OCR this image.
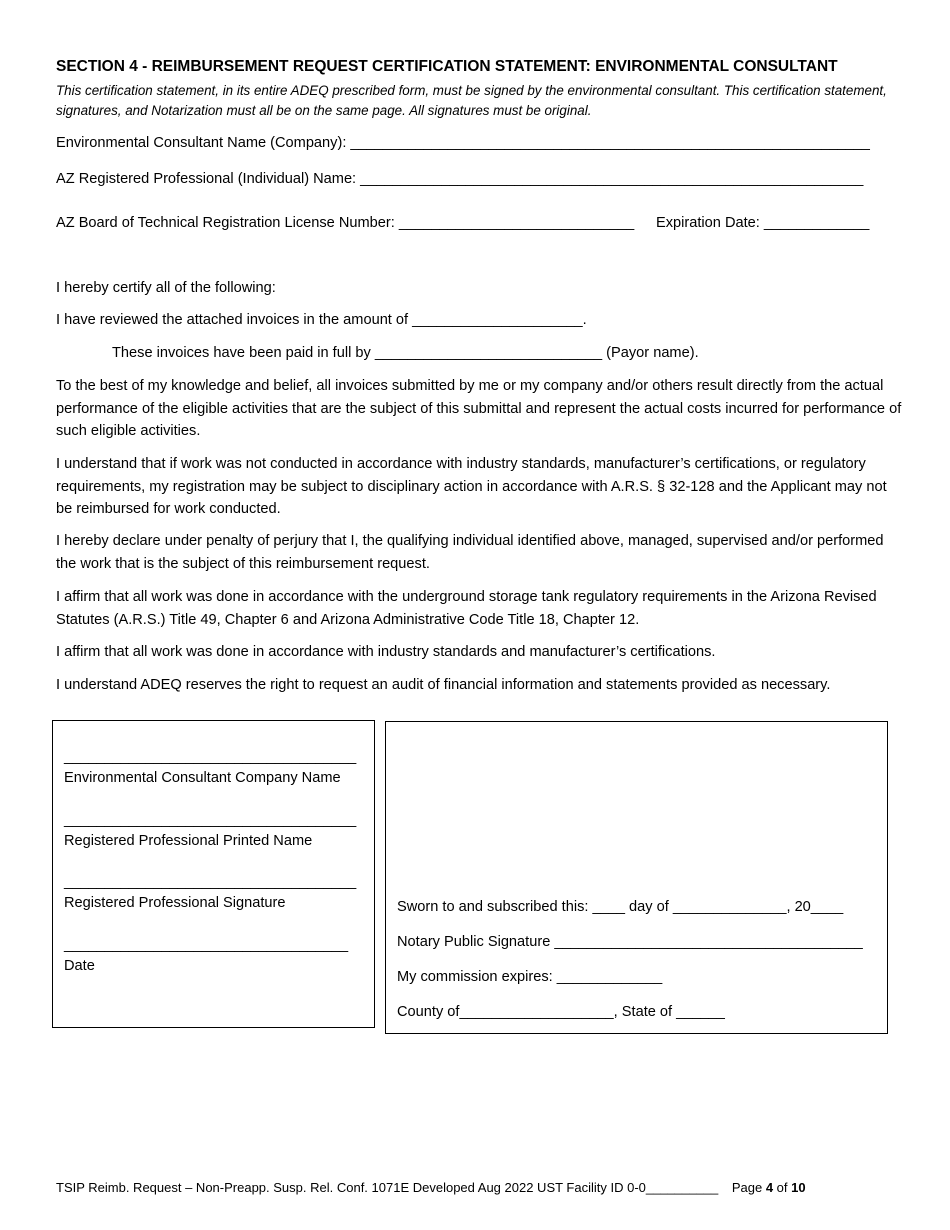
SECTION 4 - REIMBURSEMENT REQUEST CERTIFICATION STATEMENT: ENVIRONMENTAL CONSULTANT
This certification statement, in its entire ADEQ prescribed form, must be signed by the environmental consultant. This certification statement, signatures, and Notarization must all be on the same page. All signatures must be original.
Environmental Consultant Name (Company): ________________________________________________________________
AZ Registered Professional (Individual) Name: ______________________________________________________________
AZ Board of Technical Registration License Number: _____________________________ Expiration Date: _____________
I hereby certify all of the following:
I have reviewed the attached invoices in the amount of _____________________.
These invoices have been paid in full by ____________________________ (Payor name).
To the best of my knowledge and belief, all invoices submitted by me or my company and/or others result directly from the actual performance of the eligible activities that are the subject of this submittal and represent the actual costs incurred for performance of such eligible activities.
I understand that if work was not conducted in accordance with industry standards, manufacturer’s certifications, or regulatory requirements, my registration may be subject to disciplinary action in accordance with A.R.S. § 32-128 and the Applicant may not be reimbursed for work conducted.
I hereby declare under penalty of perjury that I, the qualifying individual identified above, managed, supervised and/or performed the work that is the subject of this reimbursement request.
I affirm that all work was done in accordance with the underground storage tank regulatory requirements in the Arizona Revised Statutes (A.R.S.) Title 49, Chapter 6 and Arizona Administrative Code Title 18, Chapter 12.
I affirm that all work was done in accordance with industry standards and manufacturer’s certifications.
I understand ADEQ reserves the right to request an audit of financial information and statements provided as necessary.
____________________________________
Environmental Consultant Company Name
____________________________________
Registered Professional Printed Name
____________________________________
Registered Professional Signature
___________________________________
Date
Sworn to and subscribed this: ____ day of ______________, 20____
Notary Public Signature ______________________________________
My commission expires: _____________
County of___________________, State of ______
TSIP Reimb. Request – Non-Preapp. Susp. Rel. Conf. 1071E Developed Aug 2022 UST Facility ID 0-0__________ Page 4 of 10
